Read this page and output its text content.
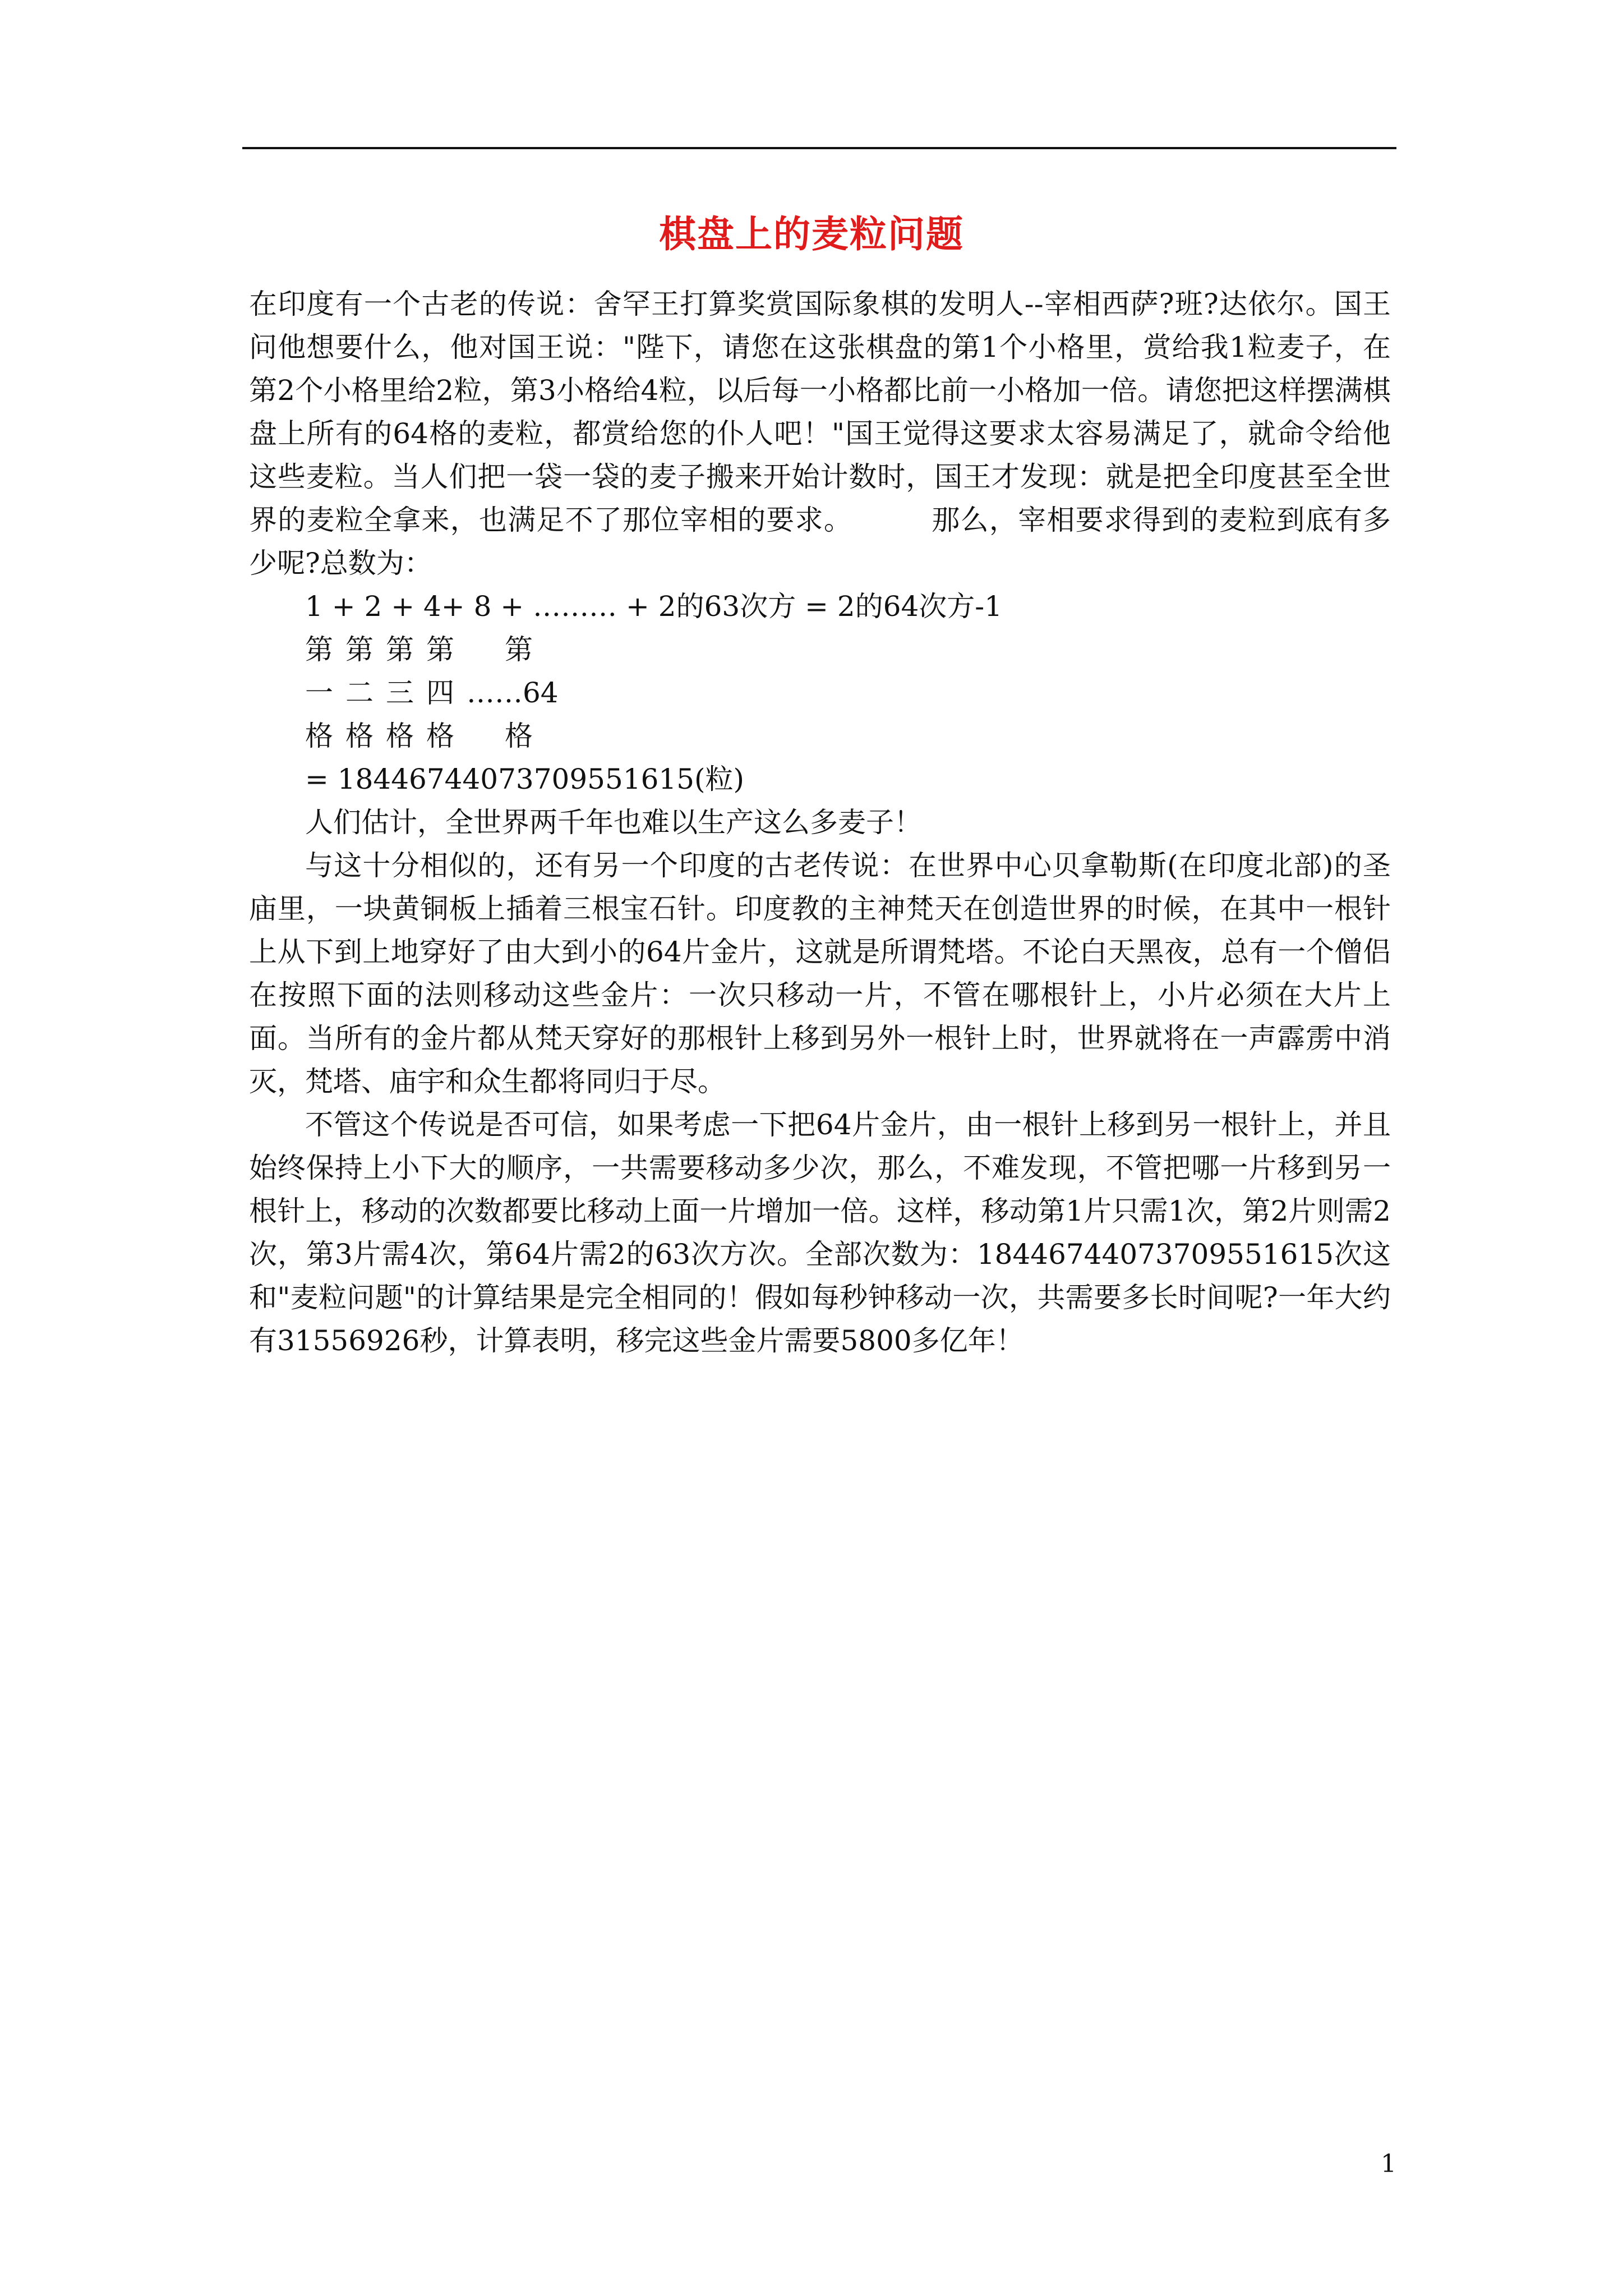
棋盘上的麦粒问题

在印度有一个古老的传说：舍罕王打算奖赏国际象棋的发明人--宰相西萨?班?达依尔。国王问他想要什么，他对国王说："陛下，请您在这张棋盘的第1个小格里，赏给我1粒麦子，在第2个小格里给2粒，第3小格给4粒，以后每一小格都比前一小格加一倍。请您把这样摆满棋盘上所有的64格的麦粒，都赏给您的仆人吧！"国王觉得这要求太容易满足了，就命令给他这些麦粒。当人们把一袋一袋的麦子搬来开始计数时，国王才发现：就是把全印度甚至全世界的麦粒全拿来，也满足不了那位宰相的要求。	那么，宰相要求得到的麦粒到底有多少呢?总数为：

1 + 2 + 4+ 8 + ……… + 2的63次方 = 2的64次方-1

第 第 第 第	第
一 二 三 四 ……64
格 格 格 格	格

= 18446744073709551615(粒)

人们估计，全世界两千年也难以生产这么多麦子！

与这十分相似的，还有另一个印度的古老传说：在世界中心贝拿勒斯(在印度北部)的圣庙里，一块黄铜板上插着三根宝石针。印度教的主神梵天在创造世界的时候，在其中一根针上从下到上地穿好了由大到小的64片金片，这就是所谓梵塔。不论白天黑夜，总有一个僧侣在按照下面的法则移动这些金片：一次只移动一片，不管在哪根针上，小片必须在大片上面。当所有的金片都从梵天穿好的那根针上移到另外一根针上时，世界就将在一声霹雳中消灭，梵塔、庙宇和众生都将同归于尽。

不管这个传说是否可信，如果考虑一下把64片金片，由一根针上移到另一根针上，并且始终保持上小下大的顺序，一共需要移动多少次，那么，不难发现，不管把哪一片移到另一根针上，移动的次数都要比移动上面一片增加一倍。这样，移动第1片只需1次，第2片则需2次，第3片需4次，第64片需2的63次方次。全部次数为：18446744073709551615次这和"麦粒问题"的计算结果是完全相同的！假如每秒钟移动一次，共需要多长时间呢?一年大约有31556926秒，计算表明，移完这些金片需要5800多亿年！

1
